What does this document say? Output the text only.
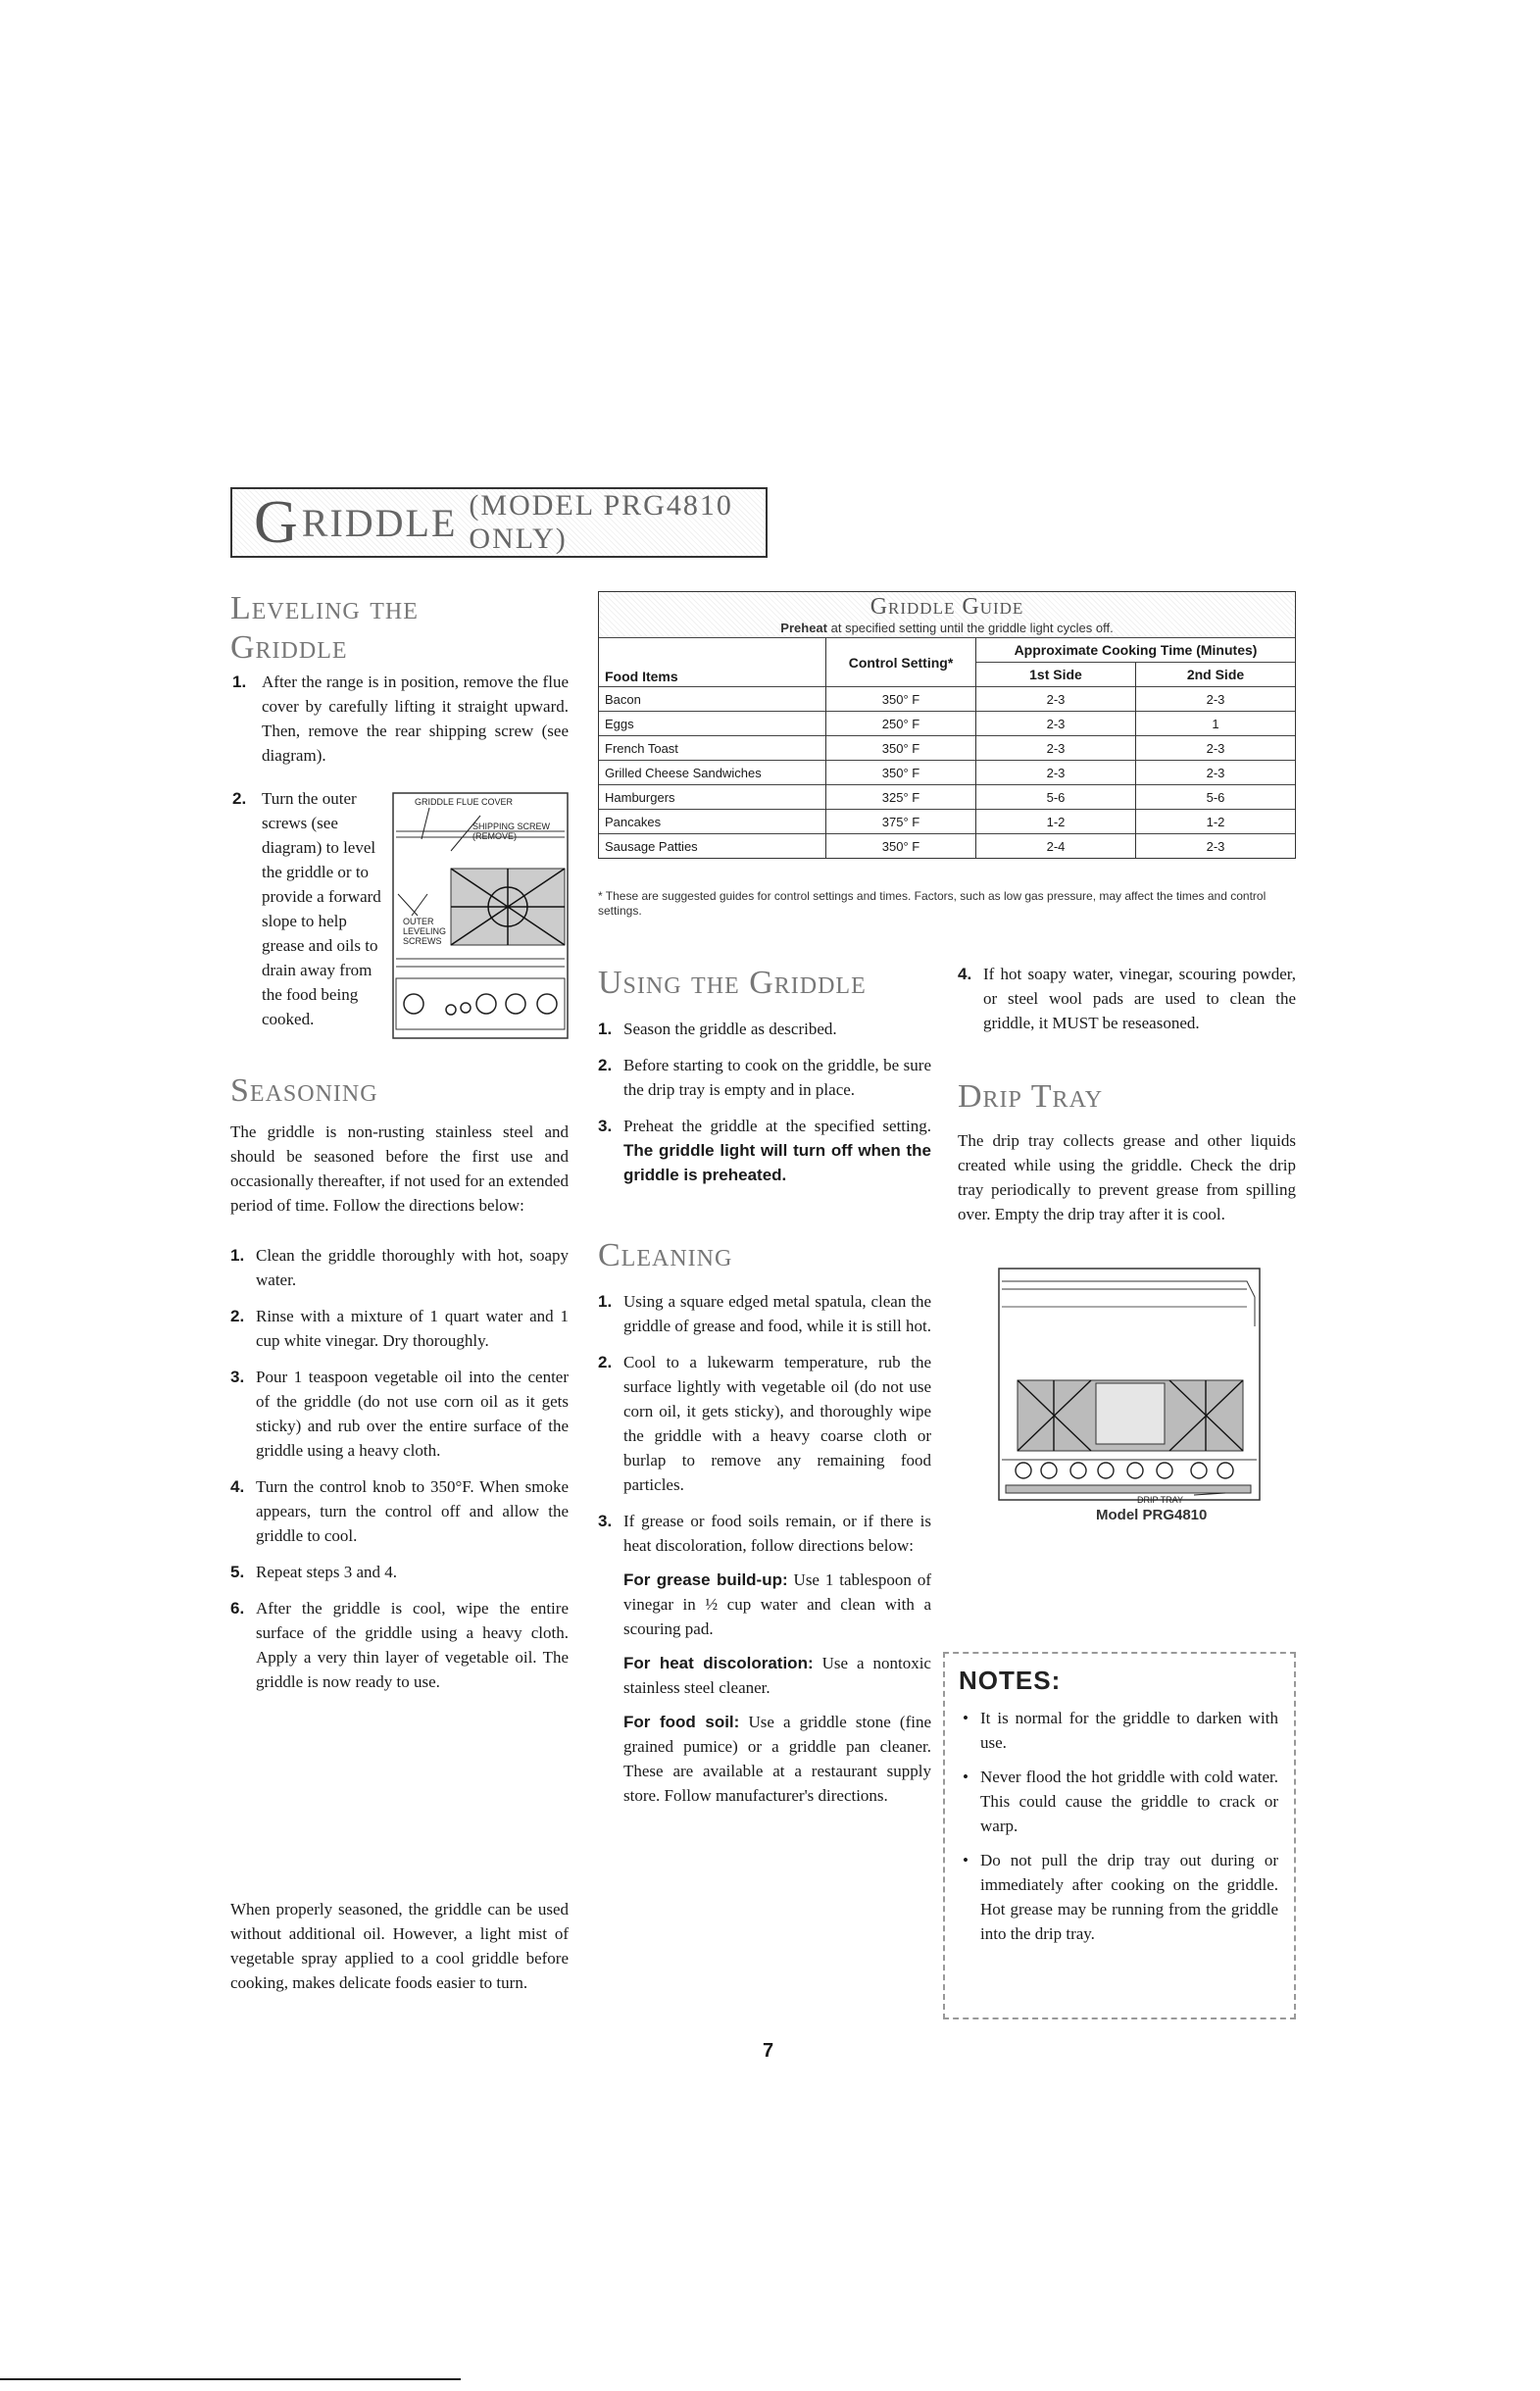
G RIDDLE (MODEL PRG4810 ONLY)
Leveling the
Griddle
1. After the range is in position, remove the flue cover by carefully lifting it straight upward. Then, remove the rear shipping screw (see diagram).
2. Turn the outer screws (see diagram) to level the griddle or to provide a forward slope to help grease and oils to drain away from the food being cooked.
GRIDDLE FLUE COVER
SHIPPING SCREW (REMOVE)
OUTER LEVELING SCREWS
Seasoning
The griddle is non-rusting stainless steel and should be seasoned before the first use and occasionally thereafter, if not used for an extended period of time. Follow the directions below:
1. Clean the griddle thoroughly with hot, soapy water.
2. Rinse with a mixture of 1 quart water and 1 cup white vinegar. Dry thoroughly.
3. Pour 1 teaspoon vegetable oil into the center of the griddle (do not use corn oil as it gets sticky) and rub over the entire surface of the griddle using a heavy cloth.
4. Turn the control knob to 350°F. When smoke appears, turn the control off and allow the griddle to cool.
5. Repeat steps 3 and 4.
6. After the griddle is cool, wipe the entire surface of the griddle using a heavy cloth. Apply a very thin layer of vegetable oil. The griddle is now ready to use.
When properly seasoned, the griddle can be used without additional oil. However, a light mist of vegetable spray applied to a cool griddle before cooking, makes delicate foods easier to turn.
Griddle Guide
Preheat at specified setting until the griddle light cycles off.
Food Items	Control Setting*	Approximate Cooking Time (Minutes)	
		1st Side	2nd Side
Bacon	350° F	2-3	2-3
Eggs	250° F	2-3	1
French Toast	350° F	2-3	2-3
Grilled Cheese Sandwiches	350° F	2-3	2-3
Hamburgers	325° F	5-6	5-6
Pancakes	375° F	1-2	1-2
Sausage Patties	350° F	2-4	2-3
* These are suggested guides for control settings and times. Factors, such as low gas pressure, may affect the times and control settings.
Using the Griddle
1. Season the griddle as described.
2. Before starting to cook on the griddle, be sure the drip tray is empty and in place.
3. Preheat the griddle at the specified setting. The griddle light will turn off when the griddle is preheated.
Cleaning
1. Using a square edged metal spatula, clean the griddle of grease and food, while it is still hot.
2. Cool to a lukewarm temperature, rub the surface lightly with vegetable oil (do not use corn oil, it gets sticky), and thoroughly wipe the griddle with a heavy coarse cloth or burlap to remove any remaining food particles.
3. If grease or food soils remain, or if there is heat discoloration, follow directions below:
For grease build-up: Use 1 tablespoon of vinegar in ½ cup water and clean with a scouring pad.
For heat discoloration: Use a nontoxic stainless steel cleaner.
For food soil: Use a griddle stone (fine grained pumice) or a griddle pan cleaner. These are available at a restaurant supply store. Follow manufacturer's directions.
4. If hot soapy water, vinegar, scouring powder, or steel wool pads are used to clean the griddle, it MUST be reseasoned.
Drip Tray
The drip tray collects grease and other liquids created while using the griddle. Check the drip tray periodically to prevent grease from spilling over. Empty the drip tray after it is cool.
DRIP TRAY
Model PRG4810
NOTES:
• It is normal for the griddle to darken with use.
• Never flood the hot griddle with cold water. This could cause the griddle to crack or warp.
• Do not pull the drip tray out during or immediately after cooking on the griddle. Hot grease may be running from the griddle into the drip tray.
7
